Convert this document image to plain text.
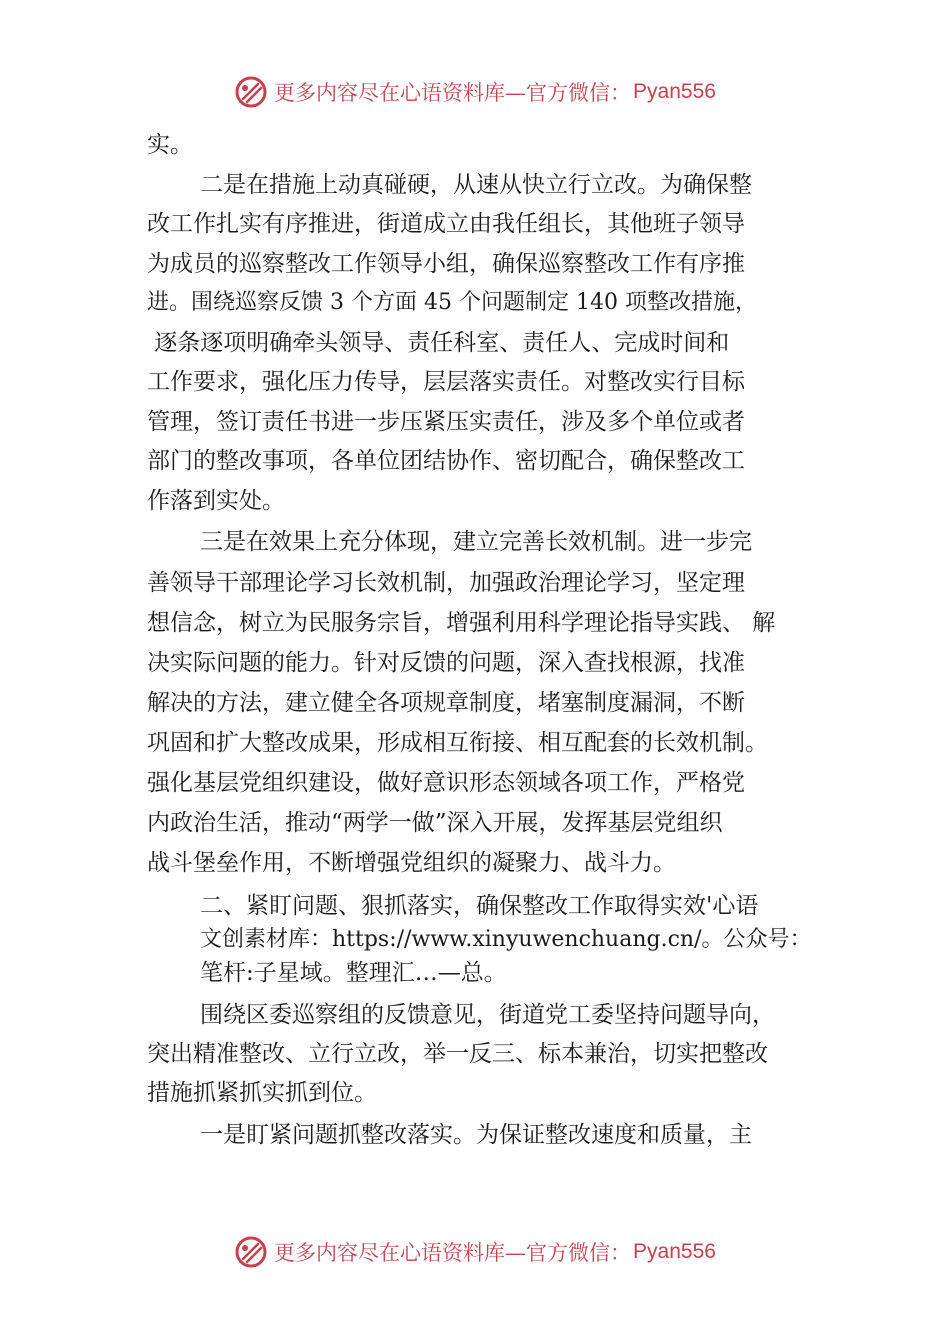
更多内容尽在心语资料库—官方微信： Pyan556
实。
二是在措施上动真碰硬，从速从快立行立改。为确保整
改工作扎实有序推进，街道成立由我任组长，其他班子领导
为成员的巡察整改工作领导小组，确保巡察整改工作有序推
进。围绕巡察反馈 3 个方面 45 个问题制定 140 项整改措施，
逐条逐项明确牵头领导、责任科室、责任人、完成时间和
工作要求，强化压力传导，层层落实责任。对整改实行目标
管理，签订责任书进一步压紧压实责任，涉及多个单位或者
部门的整改事项，各单位团结协作、密切配合，确保整改工
作落到实处。
三是在效果上充分体现，建立完善长效机制。进一步完
善领导干部理论学习长效机制，加强政治理论学习，坚定理
想信念，树立为民服务宗旨，增强利用科学理论指导实践、 解
决实际问题的能力。针对反馈的问题，深入查找根源，找准
解决的方法，建立健全各项规章制度，堵塞制度漏洞，不断
巩固和扩大整改成果，形成相互衔接、相互配套的长效机制。
强化基层党组织建设，做好意识形态领域各项工作，严格党
内政治生活，推动“两学一做”深入开展，发挥基层党组织
战斗堡垒作用，不断增强党组织的凝聚力、战斗力。
二、紧盯问题、狠抓落实，确保整改工作取得实效'心语
文创素材库：https://www.xinyuwenchuang.cn/。公众号：
笔杆:子星域。整理汇…—总。
围绕区委巡察组的反馈意见，街道党工委坚持问题导向，
突出精准整改、立行立改，举一反三、标本兼治，切实把整改
措施抓紧抓实抓到位。
一是盯紧问题抓整改落实。为保证整改速度和质量，主
更多内容尽在心语资料库—官方微信： Pyan556
